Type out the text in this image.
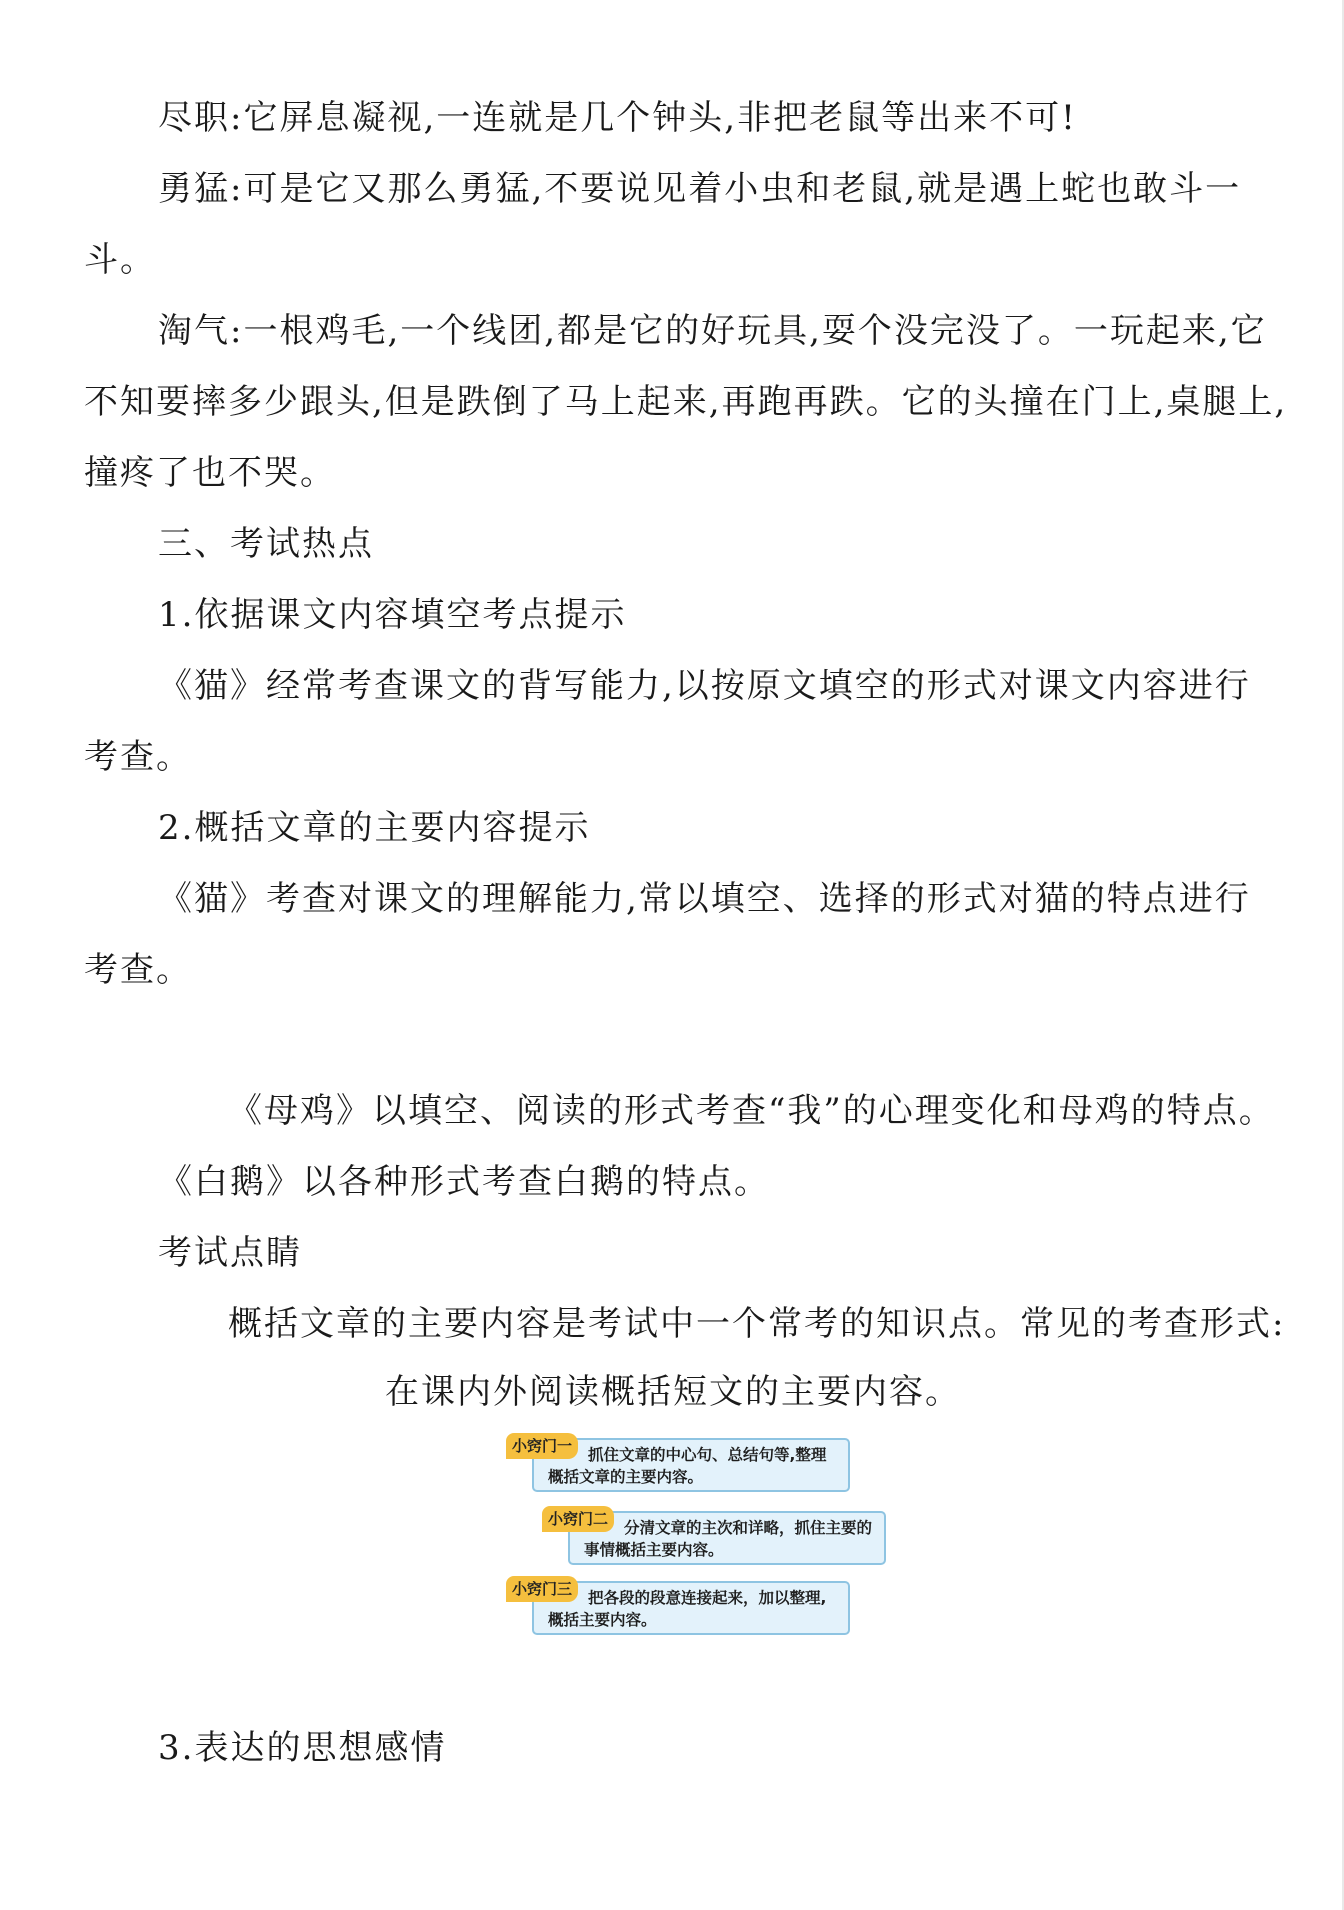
尽职:它屏息凝视,一连就是几个钟头,非把老鼠等出来不可!
勇猛:可是它又那么勇猛,不要说见着小虫和老鼠,就是遇上蛇也敢斗一
斗。
淘气:一根鸡毛,一个线团,都是它的好玩具,耍个没完没了。一玩起来,它
不知要摔多少跟头,但是跌倒了马上起来,再跑再跌。它的头撞在门上,桌腿上,
撞疼了也不哭。
三、考试热点
1.依据课文内容填空考点提示
《猫》经常考查课文的背写能力,以按原文填空的形式对课文内容进行
考查。
2.概括文章的主要内容提示
《猫》考查对课文的理解能力,常以填空、选择的形式对猫的特点进行
考查。
《母鸡》以填空、阅读的形式考查“我”的心理变化和母鸡的特点。
《白鹅》以各种形式考查白鹅的特点。
考试点睛
概括文章的主要内容是考试中一个常考的知识点。常见的考查形式:
在课内外阅读概括短文的主要内容。
抓住文章的中心句、总结句等,整理概括文章的主要内容。
小窍门一
分清文章的主次和详略，抓住主要的事情概括主要内容。
小窍门二
把各段的段意连接起来，加以整理,概括主要内容。
小窍门三
3.表达的思想感情
